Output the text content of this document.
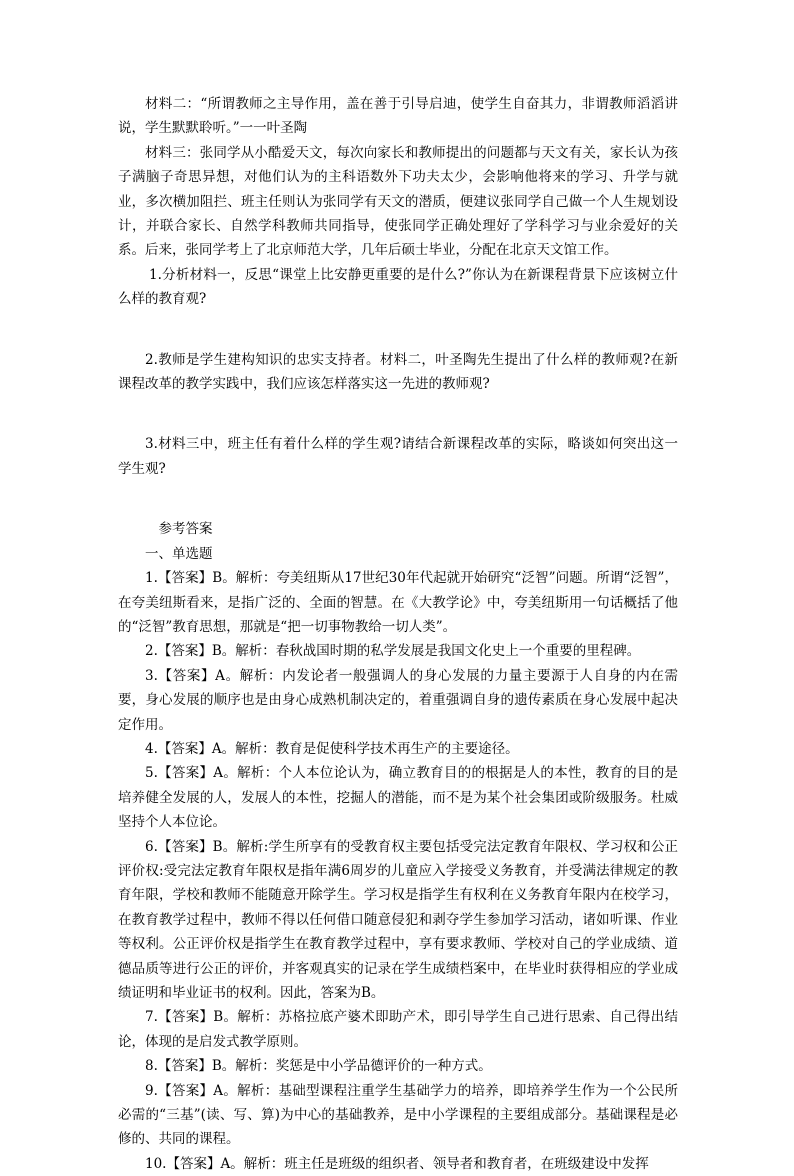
材料二：“所谓教师之主导作用，盖在善于引导启迪，使学生自奋其力，非谓教师滔滔讲说，学生默默聆听。”一一叶圣陶

材料三：张同学从小酷爱天文，每次向家长和教师提出的问题都与天文有关，家长认为孩子满脑子奇思异想，对他们认为的主科语数外下功夫太少，会影响他将来的学习、升学与就业，多次横加阻拦、班主任则认为张同学有天文的潜质，便建议张同学自己做一个人生规划设计，并联合家长、自然学科教师共同指导，使张同学正确处理好了学科学习与业余爱好的关系。后来，张同学考上了北京师范大学，几年后硕士毕业，分配在北京天文馆工作。

1.分析材料一，反思“课堂上比安静更重要的是什么?”你认为在新课程背景下应该树立什么样的教育观?

2.教师是学生建构知识的忠实支持者。材料二，叶圣陶先生提出了什么样的教师观?在新课程改革的教学实践中，我们应该怎样落实这一先进的教师观?

3.材料三中，班主任有着什么样的学生观?请结合新课程改革的实际，略谈如何突出这一学生观?

参考答案

一、单选题

1.【答案】B。解析：夸美纽斯从17世纪30年代起就开始研究“泛智”问题。所谓“泛智”，在夸美纽斯看来，是指广泛的、全面的智慧。在《大教学论》中，夸美纽斯用一句话概括了他的“泛智”教育思想，那就是“把一切事物教给一切人类”。

2.【答案】B。解析：春秋战国时期的私学发展是我国文化史上一个重要的里程碑。

3.【答案】A。解析：内发论者一般强调人的身心发展的力量主要源于人自身的内在需要，身心发展的顺序也是由身心成熟机制决定的，着重强调自身的遗传素质在身心发展中起决定作用。

4.【答案】A。解析：教育是促使科学技术再生产的主要途径。

5.【答案】A。解析：个人本位论认为，确立教育目的的根据是人的本性，教育的目的是培养健全发展的人，发展人的本性，挖掘人的潜能，而不是为某个社会集团或阶级服务。杜威坚持个人本位论。

6.【答案】B。解析:学生所享有的受教育权主要包括受完法定教育年限权、学习权和公正评价权:受完法定教育年限权是指年满6周岁的儿童应入学接受义务教育，并受满法律规定的教育年限，学校和教师不能随意开除学生。学习权是指学生有权利在义务教育年限内在校学习，在教育教学过程中，教师不得以任何借口随意侵犯和剥夺学生参加学习活动，诸如听课、作业等权利。公正评价权是指学生在教育教学过程中，享有要求教师、学校对自己的学业成绩、道德品质等进行公正的评价，并客观真实的记录在学生成绩档案中，在毕业时获得相应的学业成绩证明和毕业证书的权利。因此，答案为B。

7.【答案】B。解析：苏格拉底产婆术即助产术，即引导学生自己进行思索、自己得出结论，体现的是启发式教学原则。

8.【答案】B。解析：奖惩是中小学品德评价的一种方式。

9.【答案】A。解析：基础型课程注重学生基础学力的培养，即培养学生作为一个公民所必需的“三基”(读、写、算)为中心的基础教养，是中小学课程的主要组成部分。基础课程是必修的、共同的课程。

10.【答案】A。解析：班主任是班级的组织者、领导者和教育者，在班级建设中发挥
